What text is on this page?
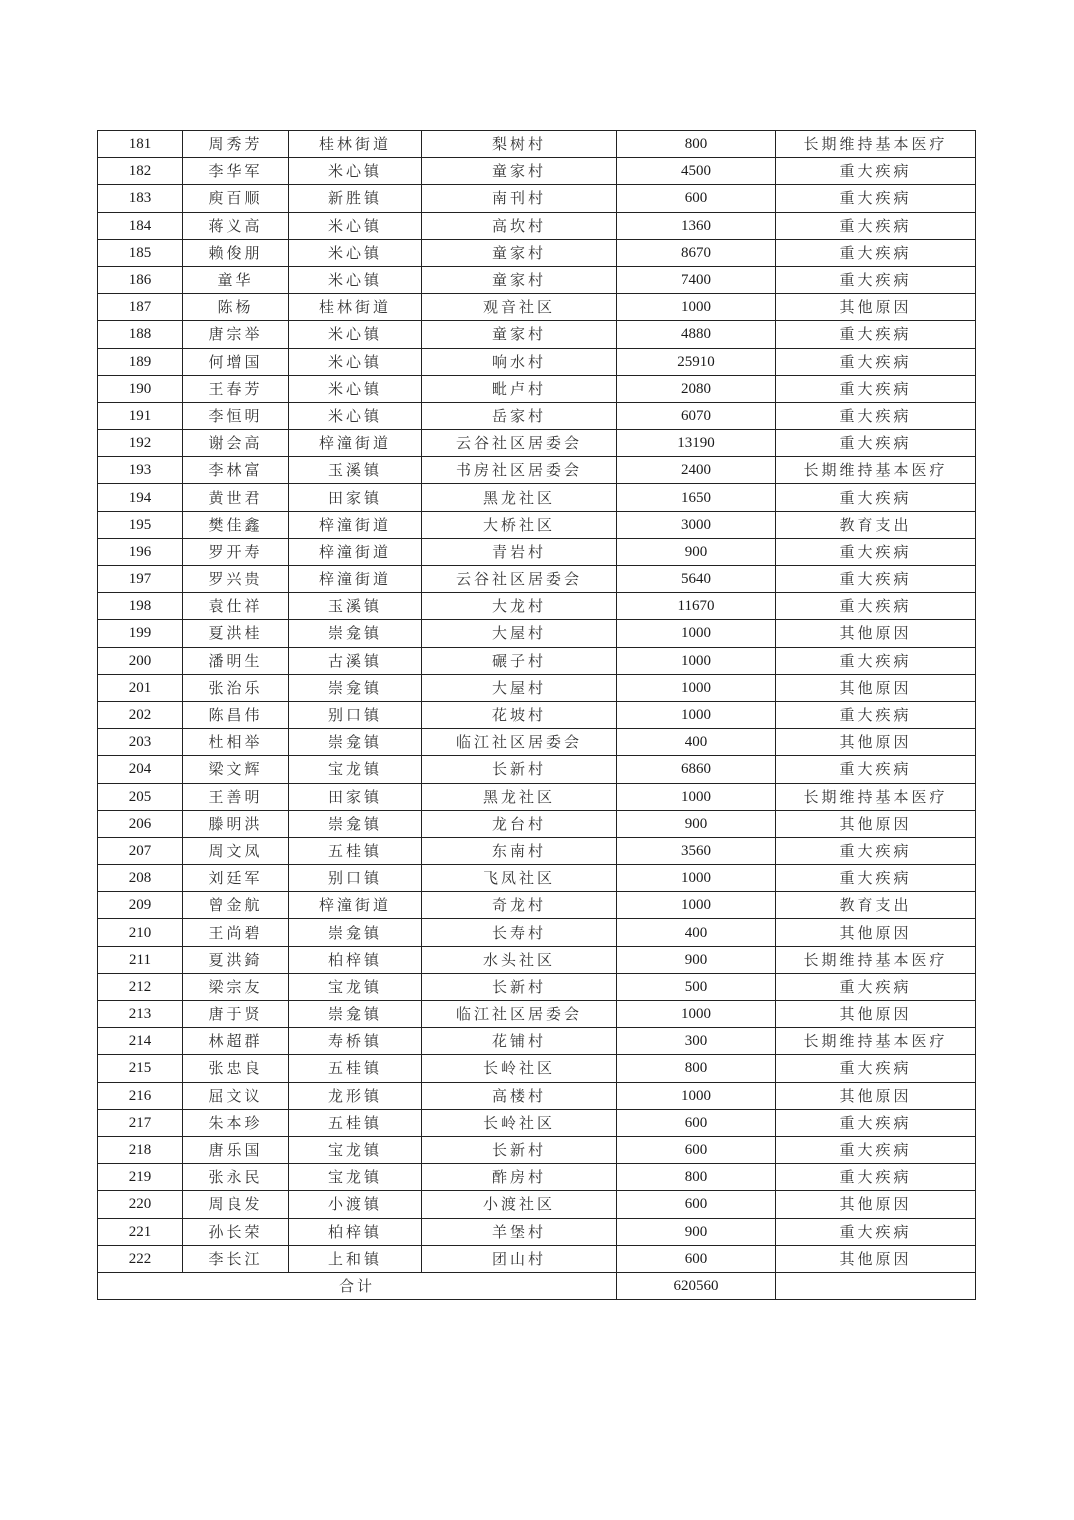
181	周秀芳	桂林街道	梨树村	800	长期维持基本医疗
182	李华军	米心镇	童家村	4500	重大疾病
183	庾百顺	新胜镇	南刊村	600	重大疾病
184	蒋义高	米心镇	高坎村	1360	重大疾病
185	赖俊朋	米心镇	童家村	8670	重大疾病
186	童华	米心镇	童家村	7400	重大疾病
187	陈杨	桂林街道	观音社区	1000	其他原因
188	唐宗举	米心镇	童家村	4880	重大疾病
189	何增国	米心镇	响水村	25910	重大疾病
190	王春芳	米心镇	毗卢村	2080	重大疾病
191	李恒明	米心镇	岳家村	6070	重大疾病
192	谢会高	梓潼街道	云谷社区居委会	13190	重大疾病
193	李林富	玉溪镇	书房社区居委会	2400	长期维持基本医疗
194	黄世君	田家镇	黑龙社区	1650	重大疾病
195	樊佳鑫	梓潼街道	大桥社区	3000	教育支出
196	罗开寿	梓潼街道	青岩村	900	重大疾病
197	罗兴贵	梓潼街道	云谷社区居委会	5640	重大疾病
198	袁仕祥	玉溪镇	大龙村	11670	重大疾病
199	夏洪桂	崇龛镇	大屋村	1000	其他原因
200	潘明生	古溪镇	碾子村	1000	重大疾病
201	张治乐	崇龛镇	大屋村	1000	其他原因
202	陈昌伟	别口镇	花坡村	1000	重大疾病
203	杜相举	崇龛镇	临江社区居委会	400	其他原因
204	梁文辉	宝龙镇	长新村	6860	重大疾病
205	王善明	田家镇	黑龙社区	1000	长期维持基本医疗
206	滕明洪	崇龛镇	龙台村	900	其他原因
207	周文凤	五桂镇	东南村	3560	重大疾病
208	刘廷军	别口镇	飞凤社区	1000	重大疾病
209	曾金航	梓潼街道	奇龙村	1000	教育支出
210	王尚碧	崇龛镇	长寿村	400	其他原因
211	夏洪錡	柏梓镇	水头社区	900	长期维持基本医疗
212	梁宗友	宝龙镇	长新村	500	重大疾病
213	唐于贤	崇龛镇	临江社区居委会	1000	其他原因
214	林超群	寿桥镇	花铺村	300	长期维持基本医疗
215	张忠良	五桂镇	长岭社区	800	重大疾病
216	屈文议	龙形镇	高楼村	1000	其他原因
217	朱本珍	五桂镇	长岭社区	600	重大疾病
218	唐乐国	宝龙镇	长新村	600	重大疾病
219	张永民	宝龙镇	酢房村	800	重大疾病
220	周良发	小渡镇	小渡社区	600	其他原因
221	孙长荣	柏梓镇	羊堡村	900	重大疾病
222	李长江	上和镇	团山村	600	其他原因
合计				620560	
